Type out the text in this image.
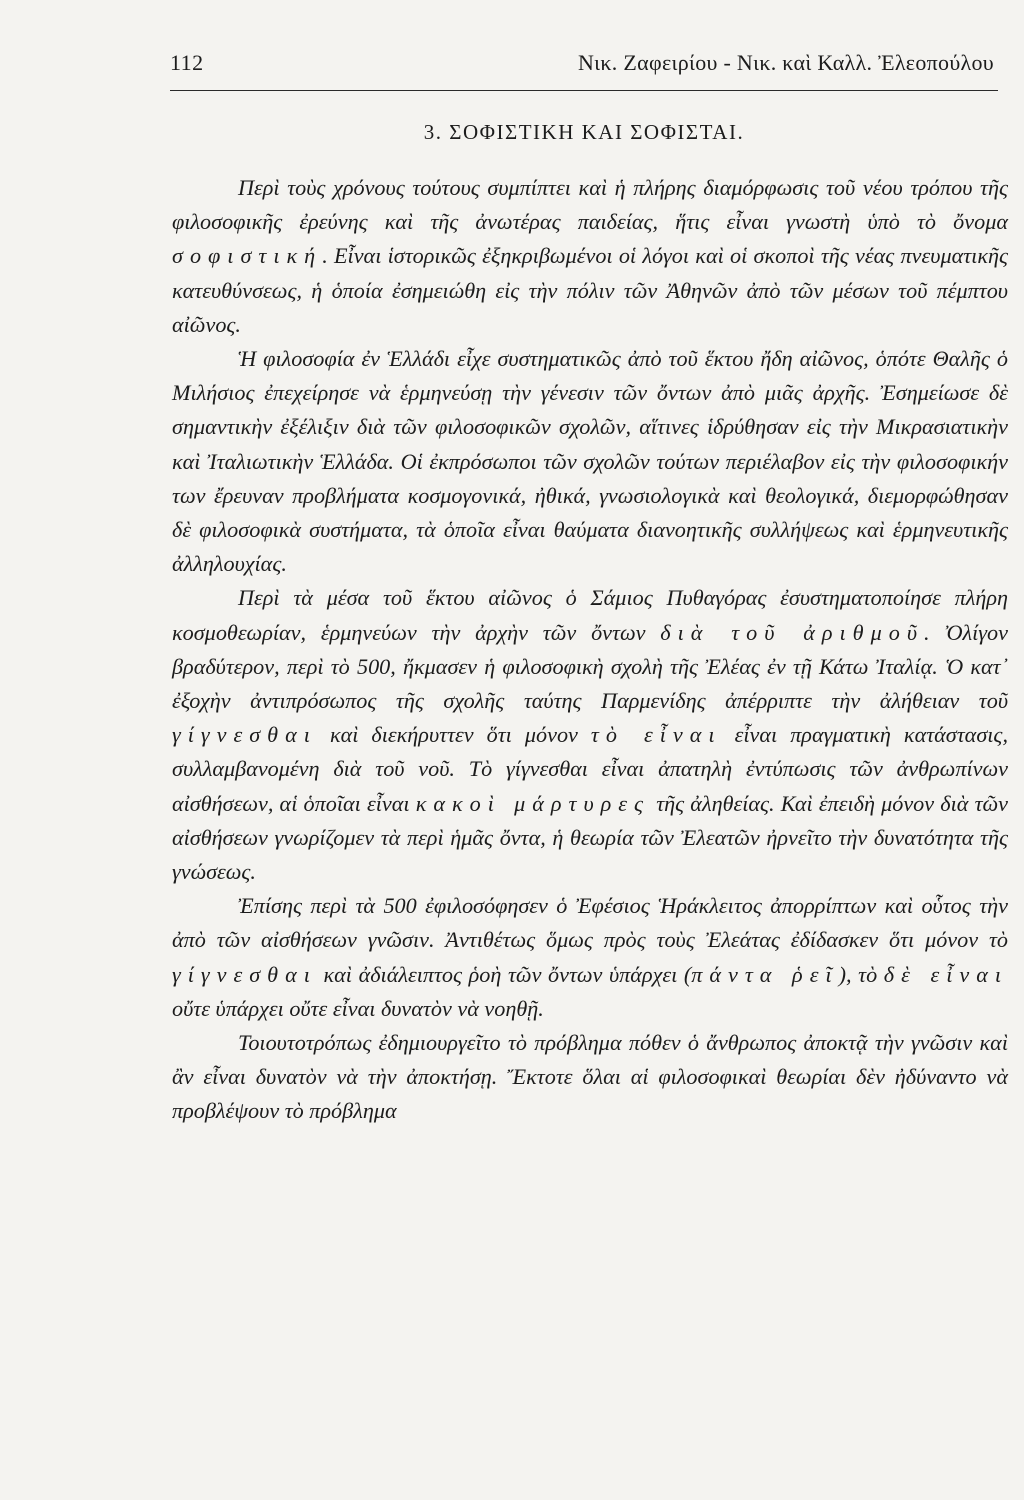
112	Νικ. Ζαφειρίου - Νικ. καὶ Καλλ. Ἐλεοπούλου
3. ΣΟΦΙΣΤΙΚΗ ΚΑΙ ΣΟΦΙΣΤΑΙ.

Περὶ τοὺς χρόνους τούτους συμπίπτει καὶ ἡ πλήρης διαμόρφωσις τοῦ νέου τρόπου τῆς φιλοσοφικῆς ἐρεύνης καὶ τῆς ἀνωτέρας παιδείας, ἥτις εἶναι γνωστὴ ὑπὸ τὸ ὄνομα σοφιστική. Εἶναι ἱστορικῶς ἐξηκριβωμένοι οἱ λόγοι καὶ οἱ σκοποὶ τῆς νέας πνευματικῆς κατευθύνσεως, ἡ ὁποία ἐσημειώθη εἰς τὴν πόλιν τῶν Ἀθηνῶν ἀπὸ τῶν μέσων τοῦ πέμπτου αἰῶνος.

Ἡ φιλοσοφία ἐν Ἑλλάδι εἶχε συστηματικῶς ἀπὸ τοῦ ἕκτου ἤδη αἰῶνος, ὁπότε Θαλῆς ὁ Μιλήσιος ἐπεχείρησε νὰ ἑρμηνεύσῃ τὴν γένεσιν τῶν ὄντων ἀπὸ μιᾶς ἀρχῆς. Ἐσημείωσε δὲ σημαντικὴν ἐξέλιξιν διὰ τῶν φιλοσοφικῶν σχολῶν, αἵτινες ἱδρύθησαν εἰς τὴν Μικρασιατικὴν καὶ Ἰταλιωτικὴν Ἑλλάδα. Οἱ ἐκπρόσωποι τῶν σχολῶν τούτων περιέλαβον εἰς τὴν φιλοσοφικήν των ἔρευναν προβλήματα κοσμογονικά, ἠθικά, γνωσιολογικὰ καὶ θεολογικά, διεμορφώθησαν δὲ φιλοσοφικὰ συστήματα, τὰ ὁποῖα εἶναι θαύματα διανοητικῆς συλλήψεως καὶ ἑρμηνευτικῆς ἀλληλουχίας.

Περὶ τὰ μέσα τοῦ ἕκτου αἰῶνος ὁ Σάμιος Πυθαγόρας ἐσυστηματοποίησε πλήρη κοσμοθεωρίαν, ἑρμηνεύων τὴν ἀρχὴν τῶν ὄντων διὰ τοῦ ἀριθμοῦ. Ὀλίγον βραδύτερον, περὶ τὸ 500, ἤκμασεν ἡ φιλοσοφικὴ σχολὴ τῆς Ἐλέας ἐν τῇ Κάτω Ἰταλίᾳ. Ὁ κατ᾽ ἐξοχὴν ἀντιπρόσωπος τῆς σχολῆς ταύτης Παρμενίδης ἀπέρριπτε τὴν ἀλήθειαν τοῦ γίγνεσθαι καὶ διεκήρυττεν ὅτι μόνον τὸ εἶναι εἶναι πραγματικὴ κατάστασις, συλλαμβανομένη διὰ τοῦ νοῦ. Τὸ γίγνεσθαι εἶναι ἀπατηλὴ ἐντύπωσις τῶν ἀνθρωπίνων αἰσθήσεων, αἱ ὁποῖαι εἶναι κακοὶ μάρτυρες τῆς ἀληθείας. Καὶ ἐπειδὴ μόνον διὰ τῶν αἰσθήσεων γνωρίζομεν τὰ περὶ ἡμᾶς ὄντα, ἡ θεωρία τῶν Ἐλεατῶν ἠρνεῖτο τὴν δυνατότητα τῆς γνώσεως.

Ἐπίσης περὶ τὰ 500 ἐφιλοσόφησεν ὁ Ἐφέσιος Ἡράκλειτος ἀπορρίπτων καὶ οὗτος τὴν ἀπὸ τῶν αἰσθήσεων γνῶσιν. Ἀντιθέτως ὅμως πρὸς τοὺς Ἐλεάτας ἐδίδασκεν ὅτι μόνον τὸ γίγνεσθαι καὶ ἀδιάλειπτος ῥοὴ τῶν ὄντων ὑπάρχει (πάντα ῥεῖ), τὸ δὲ εἶναι οὔτε ὑπάρχει οὔτε εἶναι δυνατὸν νὰ νοηθῇ.

Τοιουτοτρόπως ἐδημιουργεῖτο τὸ πρόβλημα πόθεν ὁ ἄνθρωπος ἀποκτᾷ τὴν γνῶσιν καὶ ἂν εἶναι δυνατὸν νὰ τὴν ἀποκτήσῃ. Ἔκτοτε ὅλαι αἱ φιλοσοφικαὶ θεωρίαι δὲν ἠδύναντο νὰ προβλέψουν τὸ πρόβλημα
